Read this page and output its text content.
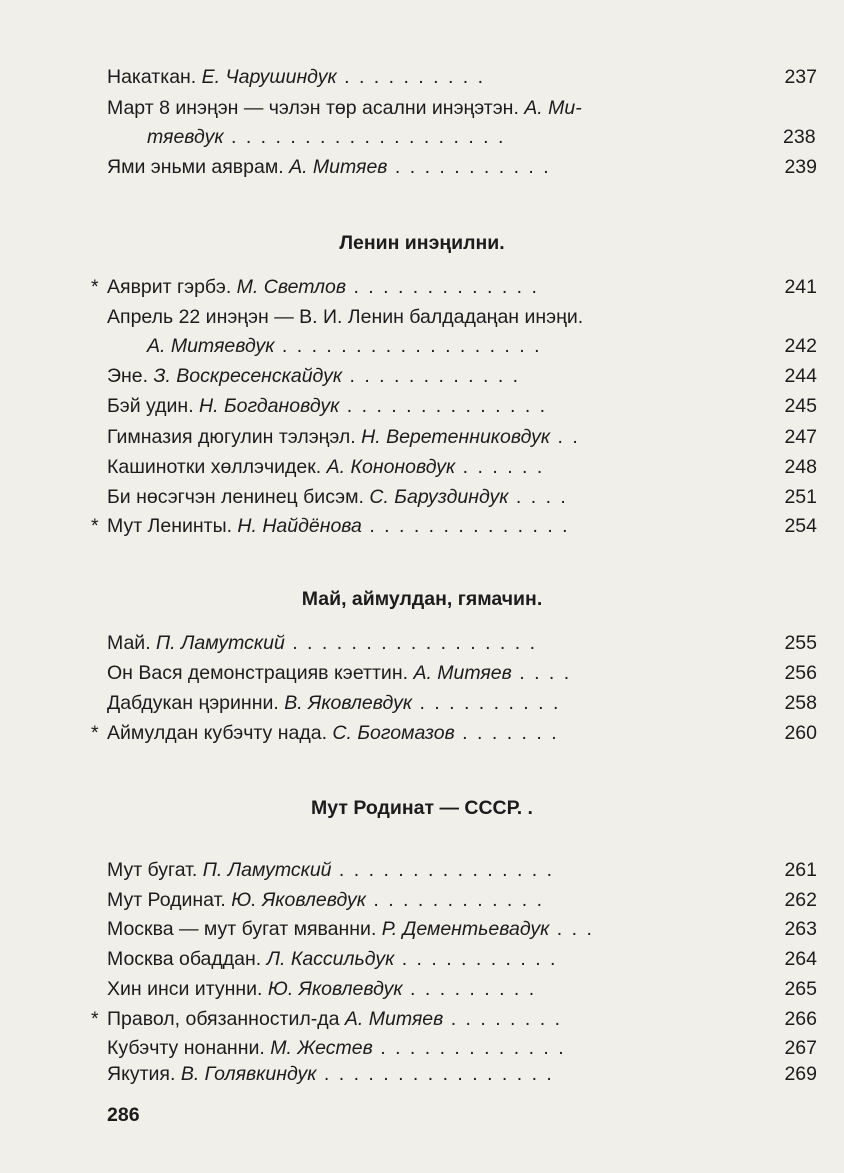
Накаткан. Е. Чарушиндук . . . . . . . . . .	237
Март 8 инэңэн — чэлэн төр асални инэңэтэн. А. Ми-
тяевдук . . . . . . . . . . . . . . . . . . .	238
Ями эньми аяврам. А. Митяев . . . . . . . . . . .	239
Ленин инэңилни.
* Аяврит гэрбэ. М. Светлов . . . . . . . . . . . . .	241
Апрель 22 инэңэн — В. И. Ленин балдадаңан инэңи.
А. Митяевдук . . . . . . . . . . . . . . . . . .	242
Эне. З. Воскресенскайдук . . . . . . . . . . . .	244
Бэй удин. Н. Богдановдук . . . . . . . . . . . . . .	245
Гимназия дюгулин тэлэңэл. Н. Веретенниковдук . .	247
Кашинотки хөллэчидек. А. Кононовдук . . . . . .	248
Би нөсэгчэн ленинец бисэм. С. Баруздиндук . . . .	251
* Мут Ленинты. Н. Найдёнова . . . . . . . . . . . . . .	254
Май, аймулдан, гямачин.
Май. П. Ламутский . . . . . . . . . . . . . . . . .	255
Он Вася демонстрацияв кэеттин. А. Митяев . . . .	256
Дабдукан ңэринни. В. Яковлевдук . . . . . . . . . .	258
* Аймулдан кубэчту нада. С. Богомазов . . . . . . .	260
Мут Родинат — СССР. .
Мут бугат. П. Ламутский . . . . . . . . . . . . . . .	261
Мут Родинат. Ю. Яковлевдук . . . . . . . . . . . .	262
Москва — мут бугат мяванни. Р. Дементьевадук . . .	263
Москва обаддан. Л. Кассильдук . . . . . . . . . . .	264
Хин инси итунни. Ю. Яковлевдук . . . . . . . . .	265
* Правол, обязанностил-да А. Митяев . . . . . . . .	266
Кубэчту нонанни. М. Жестев . . . . . . . . . . . . .	267
Якутия. В. Голявкиндук . . . . . . . . . . . . . . . .	269
286
